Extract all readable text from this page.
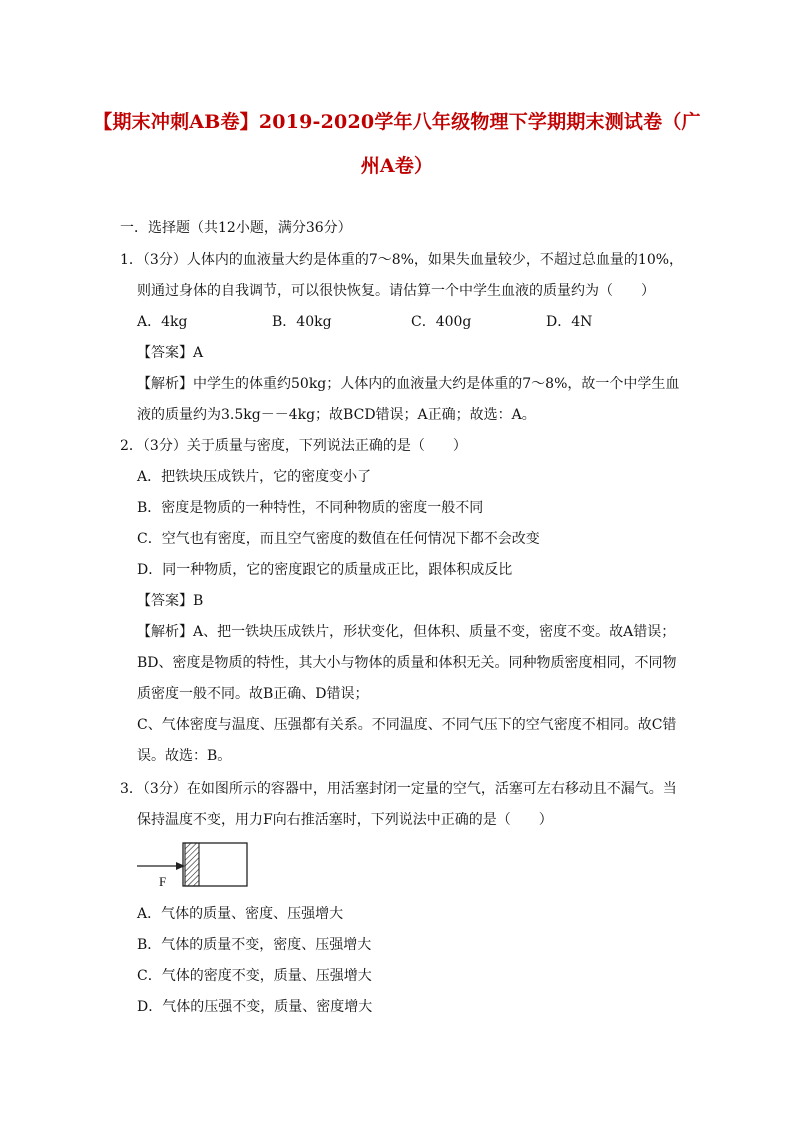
【期末冲刺AB卷】2019-2020学年八年级物理下学期期末测试卷（广
州A卷）
一．选择题（共12小题，满分36分）
1．（3分）人体内的血液量大约是体重的7～8%，如果失血量较少，不超过总血量的10%，
则通过身体的自我调节，可以很快恢复。请估算一个中学生血液的质量约为（　　）
A．4kg	B．40kg	C．400g	D．4N
【答案】A
【解析】中学生的体重约50kg；人体内的血液量大约是体重的7～8%，故一个中学生血
液的质量约为3.5kg－－4kg；故BCD错误；A正确；故选：A。
2．（3分）关于质量与密度，下列说法正确的是（　　）
A．把铁块压成铁片，它的密度变小了
B．密度是物质的一种特性，不同种物质的密度一般不同
C．空气也有密度，而且空气密度的数值在任何情况下都不会改变
D．同一种物质，它的密度跟它的质量成正比，跟体积成反比
【答案】B
【解析】A、把一铁块压成铁片，形状变化，但体积、质量不变，密度不变。故A错误；
BD、密度是物质的特性，其大小与物体的质量和体积无关。同种物质密度相同，不同物
质密度一般不同。故B正确、D错误；
C、气体密度与温度、压强都有关系。不同温度、不同气压下的空气密度不相同。故C错
误。故选：B。
3．（3分）在如图所示的容器中，用活塞封闭一定量的空气，活塞可左右移动且不漏气。当
保持温度不变，用力F向右推活塞时，下列说法中正确的是（　　）
F
A．气体的质量、密度、压强增大
B．气体的质量不变，密度、压强增大
C．气体的密度不变，质量、压强增大
D．气体的压强不变，质量、密度增大
